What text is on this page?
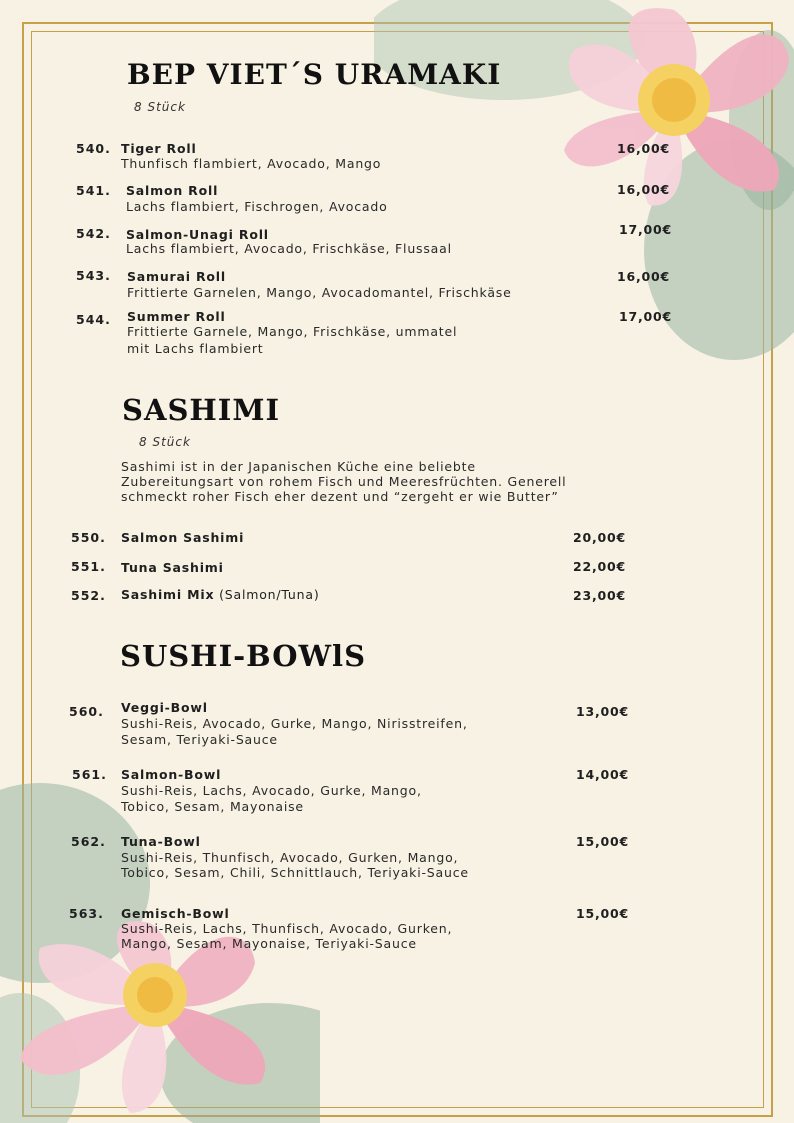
BEP VIET´S URAMAKI
8 Stück
540. Tiger Roll
Thunfisch flambiert, Avocado, Mango
16,00€
541. Salmon Roll
Lachs flambiert, Fischrogen, Avocado
16,00€
542. Salmon-Unagi Roll
Lachs flambiert, Avocado, Frischkäse, Flussaal
17,00€
543. Samurai Roll
Frittierte Garnelen, Mango, Avocadomantel, Frischkäse
16,00€
544. Summer Roll
Frittierte Garnele, Mango, Frischkäse, ummatel
mit Lachs flambiert
17,00€
SASHIMI
8 Stück
Sashimi ist in der Japanischen Küche eine beliebte
Zubereitungsart von rohem Fisch und Meeresfrüchten. Generell
schmeckt roher Fisch eher dezent und “zergeht er wie Butter”
550. Salmon Sashimi	20,00€
551. Tuna Sashimi	22,00€
552. Sashimi Mix (Salmon/Tuna)	23,00€
SUSHI-BOWlS
560. Veggi-Bowl
Sushi-Reis, Avocado, Gurke, Mango, Nirisstreifen,
Sesam, Teriyaki-Sauce
13,00€
561. Salmon-Bowl
Sushi-Reis, Lachs, Avocado, Gurke, Mango,
Tobico, Sesam, Mayonaise
14,00€
562. Tuna-Bowl
Sushi-Reis, Thunfisch, Avocado, Gurken, Mango,
Tobico, Sesam, Chili, Schnittlauch, Teriyaki-Sauce
15,00€
563. Gemisch-Bowl
Sushi-Reis, Lachs, Thunfisch, Avocado, Gurken,
Mango, Sesam, Mayonaise, Teriyaki-Sauce
15,00€
